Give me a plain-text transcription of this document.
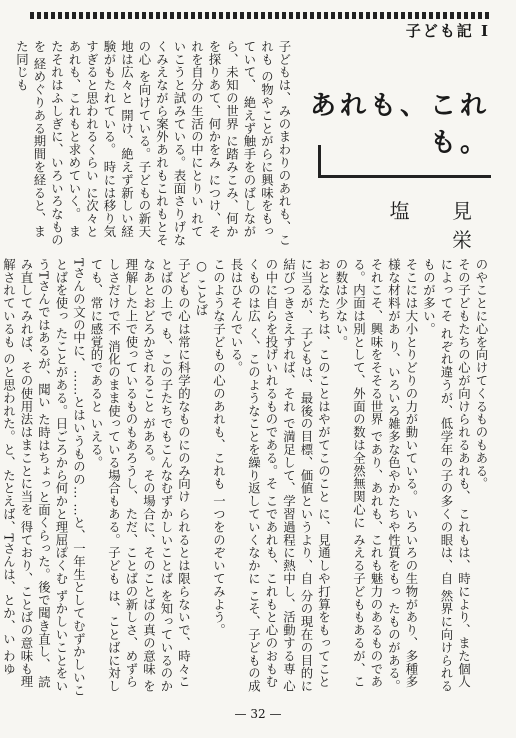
子ども記 I
あれも、これも。
塩 見 栄

子どもは、みのまわりのあれも、これも の物やことがらに興味をもっていて、 絶えず触手をのばしながら、未知の世界 に踏みこみ、何かを探りあて、何かをみ につけ、それを自分の生活の中にとりい れていこうと試みている。表面さりげな くみえながら案外あれもこれもとその心 を向けている。子どもの新天地は広々と 開け、絶えず新しい経験がもたれている。 時には移り気すぎると思われるくらい に次々とあれも、これもと求めていく。 またそれはふしぎに、いろいろなものを 経めぐりある期間を経ると、また同じも

のやことに心を向けてくるものもある。

その子どもたちの心が向けられるあれも、 これもは、時により、また個人によってそ れぞれ違うが、低学年の子の多くの眼は、自 然界に向けられるものが多い。

そこには大小とりどりの力が動いている。 いろいろの生物があり、多種多様な材料があ り、いろいろ雑多な色やかたちや性質をもっ たものがある。それこそ、興味をそそる世界 であり、あれも、これも魅力のあるものであ る。内面は別として、外面の数は全然無関心に みえる子どももあるが、この数は少ない。

おとなたちは、このことはやがてこのこと に、見通しや打算をもってことに当るが、 子どもは、最後の目標、価値というより、自 分の現在の目的に結びつきさえすれば、それ で満足して、学習過程に熱中し、活動する専 心の中に自らを投げいれるものである。そ こであれも、これもと心のおもむくものは広 く、このようなことを繰り返していくなかに こそ、子どもの成長はひそんでいる。

このような子どもの心のあれも、これも 一つをのぞいてみよう。

○ ことば

子どもの心は常に科学的なものにのみ向け られるとは限らないで、時々ことばの上で も、この子たちでもこんなむずかしいことば を知っているのかなあとおどろかされること がある。その場合に、そのことばの真の意味 を理解した上で使っているものもあろうし、 ただ、ことばの新しさ、めずらしさだけで不 消化のまま使っている場合もある。子ども は、ことばに対しても、常に感覚的であると いえる。

Tさんの文の中に、……とはいうものの… …と、一年生としてむずかしいことばを使っ たことがある。日ごろから何かと理屈ぽくむ ずかしいことをいうTさんではあるが、聞い た時はちょっと面くらった。後で聞き直し、 読み直してみれば、その使用法はまことに当を 得ており、ことばの意味も理解されているも のと思われた。と、たとえば、Tさんは、とか、い わゆ

— 32 —
